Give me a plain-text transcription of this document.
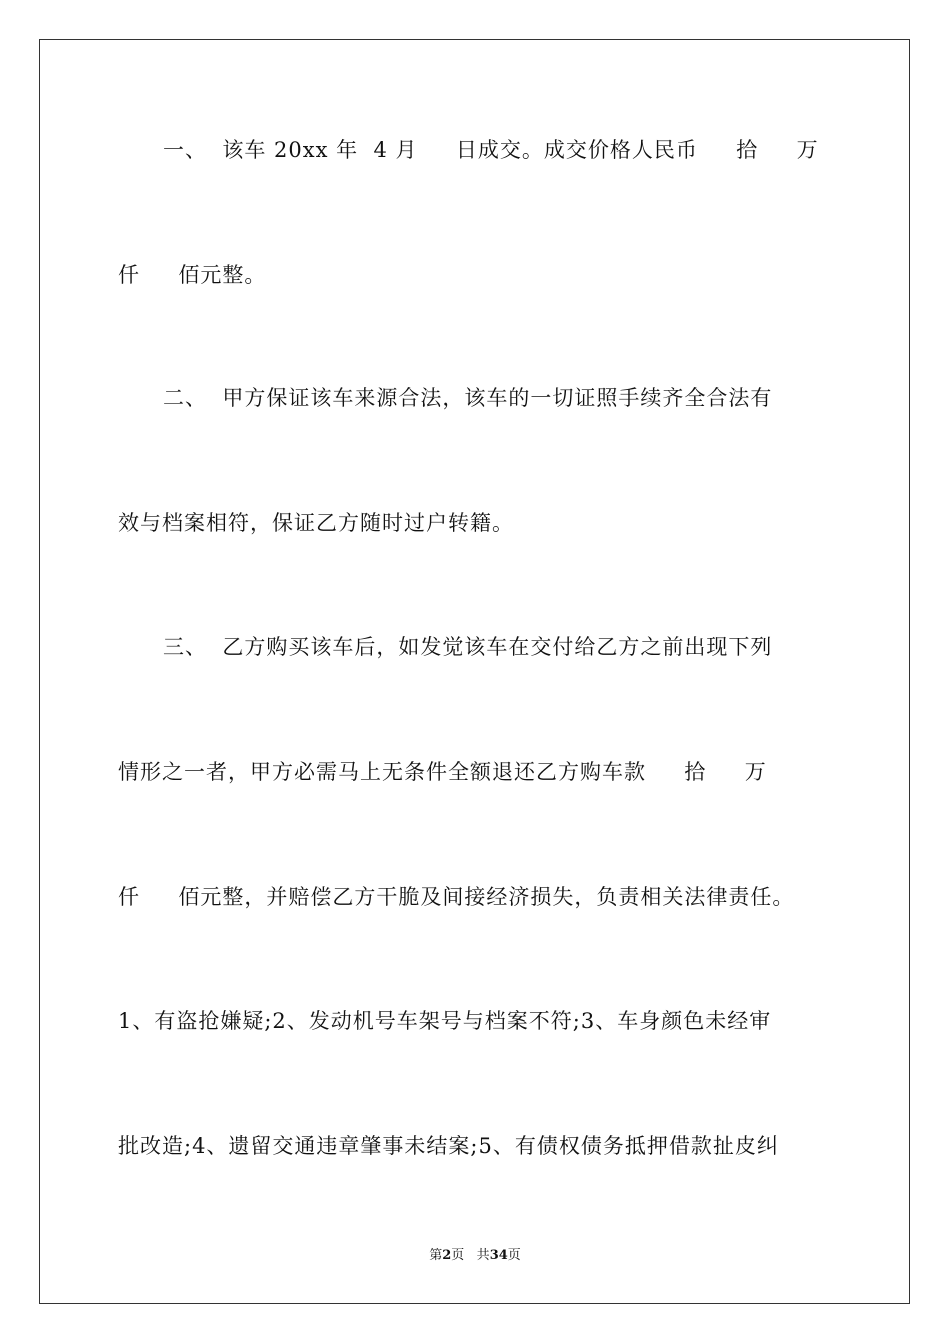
一、  该车 20xx 年  4 月     日成交。成交价格人民币     拾     万
仟     佰元整。
二、  甲方保证该车来源合法，该车的一切证照手续齐全合法有
效与档案相符，保证乙方随时过户转籍。
三、  乙方购买该车后，如发觉该车在交付给乙方之前出现下列
情形之一者，甲方必需马上无条件全额退还乙方购车款     拾     万
仟     佰元整，并赔偿乙方干脆及间接经济损失，负责相关法律责任。
1、有盗抢嫌疑;2、发动机号车架号与档案不符;3、车身颜色未经审
批改造;4、遗留交通违章肇事未结案;5、有债权债务抵押借款扯皮纠
第2页 共34页
